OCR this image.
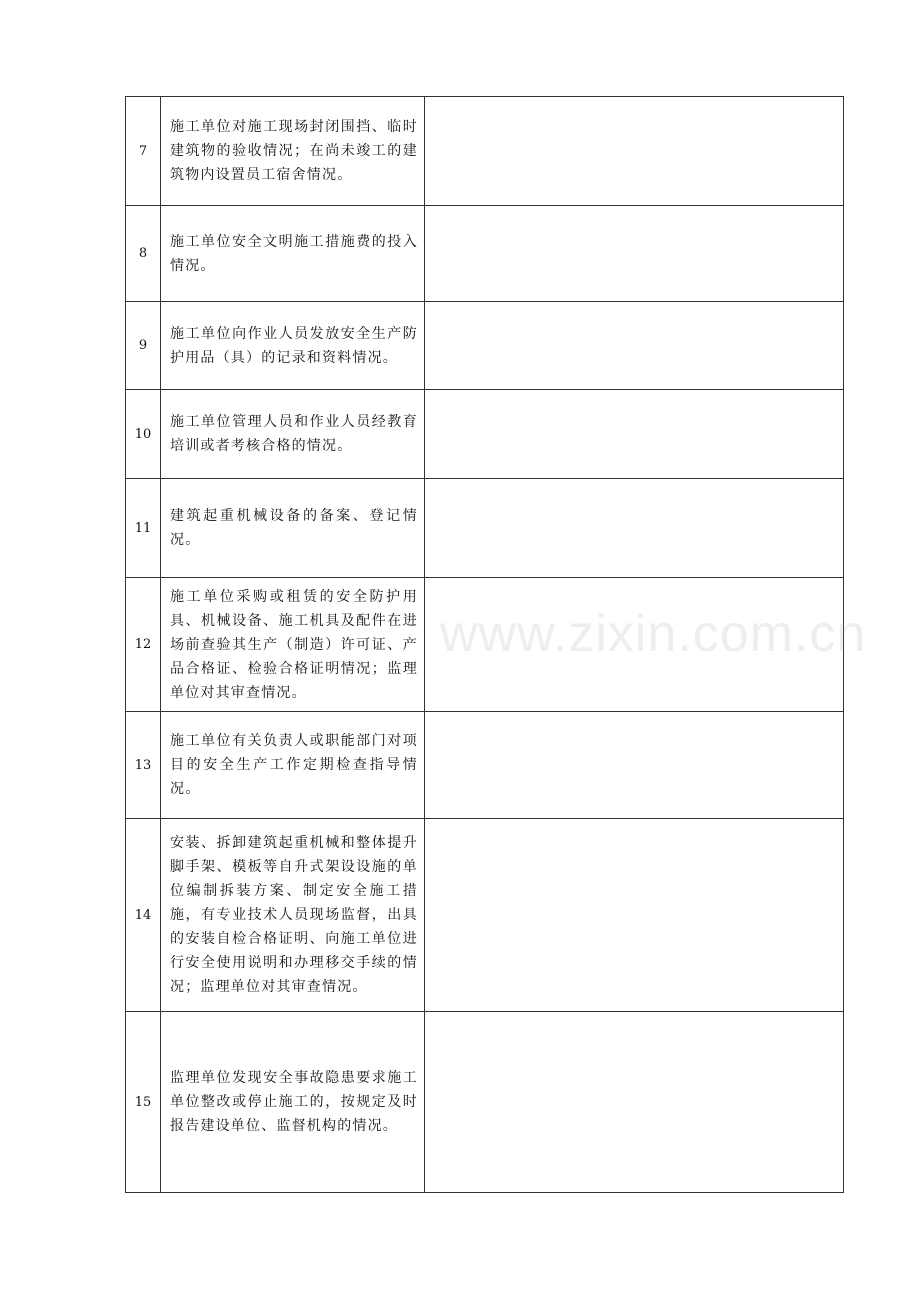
7	施工单位对施工现场封闭围挡、临时建筑物的验收情况；在尚未竣工的建筑物内设置员工宿舍情况。	
8	施工单位安全文明施工措施费的投入情况。	
9	施工单位向作业人员发放安全生产防护用品（具）的记录和资料情况。	
10	施工单位管理人员和作业人员经教育培训或者考核合格的情况。	
11	建筑起重机械设备的备案、登记情况。	
12	施工单位采购或租赁的安全防护用具、机械设备、施工机具及配件在进场前查验其生产（制造）许可证、产品合格证、检验合格证明情况；监理单位对其审查情况。	
13	施工单位有关负责人或职能部门对项目的安全生产工作定期检查指导情况。	
14	安装、拆卸建筑起重机械和整体提升脚手架、模板等自升式架设设施的单位编制拆装方案、制定安全施工措施，有专业技术人员现场监督，出具的安装自检合格证明、向施工单位进行安全使用说明和办理移交手续的情况；监理单位对其审查情况。	
15	监理单位发现安全事故隐患要求施工单位整改或停止施工的，按规定及时报告建设单位、监督机构的情况。	
